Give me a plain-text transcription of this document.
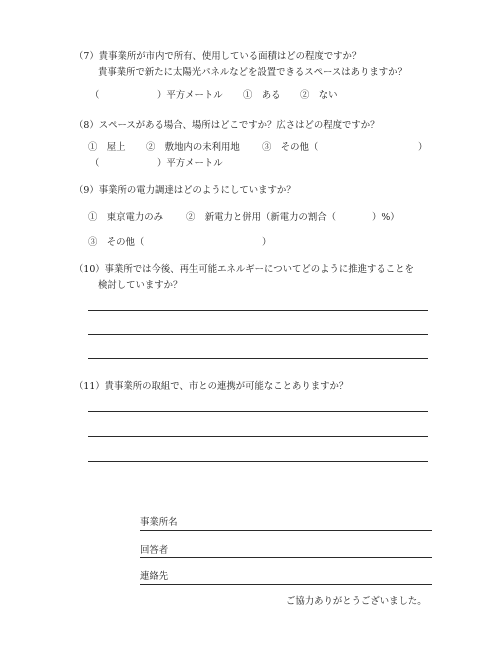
（7）貴事業所が市内で所有、使用している面積はどの程度ですか？
貴事業所で新たに太陽光パネルなどを設置できるスペースはありますか？
（	）平方メートル ①　ある ②　ない
（8）スペースがある場合、場所はどこですか？広さはどの程度ですか？
①　屋上 ②　敷地内の未利用地 ③　その他（	）
（	）平方メートル
（9）事業所の電力調達はどのようにしていますか？
①　東京電力のみ ②　新電力と併用（新電力の割合（	）%）
③　その他（	）
（10）事業所では今後、再生可能エネルギーについてどのように推進することを
検討していますか？
（11）貴事業所の取組で、市との連携が可能なことありますか？
事業所名
回答者
連絡先
ご協力ありがとうございました。
